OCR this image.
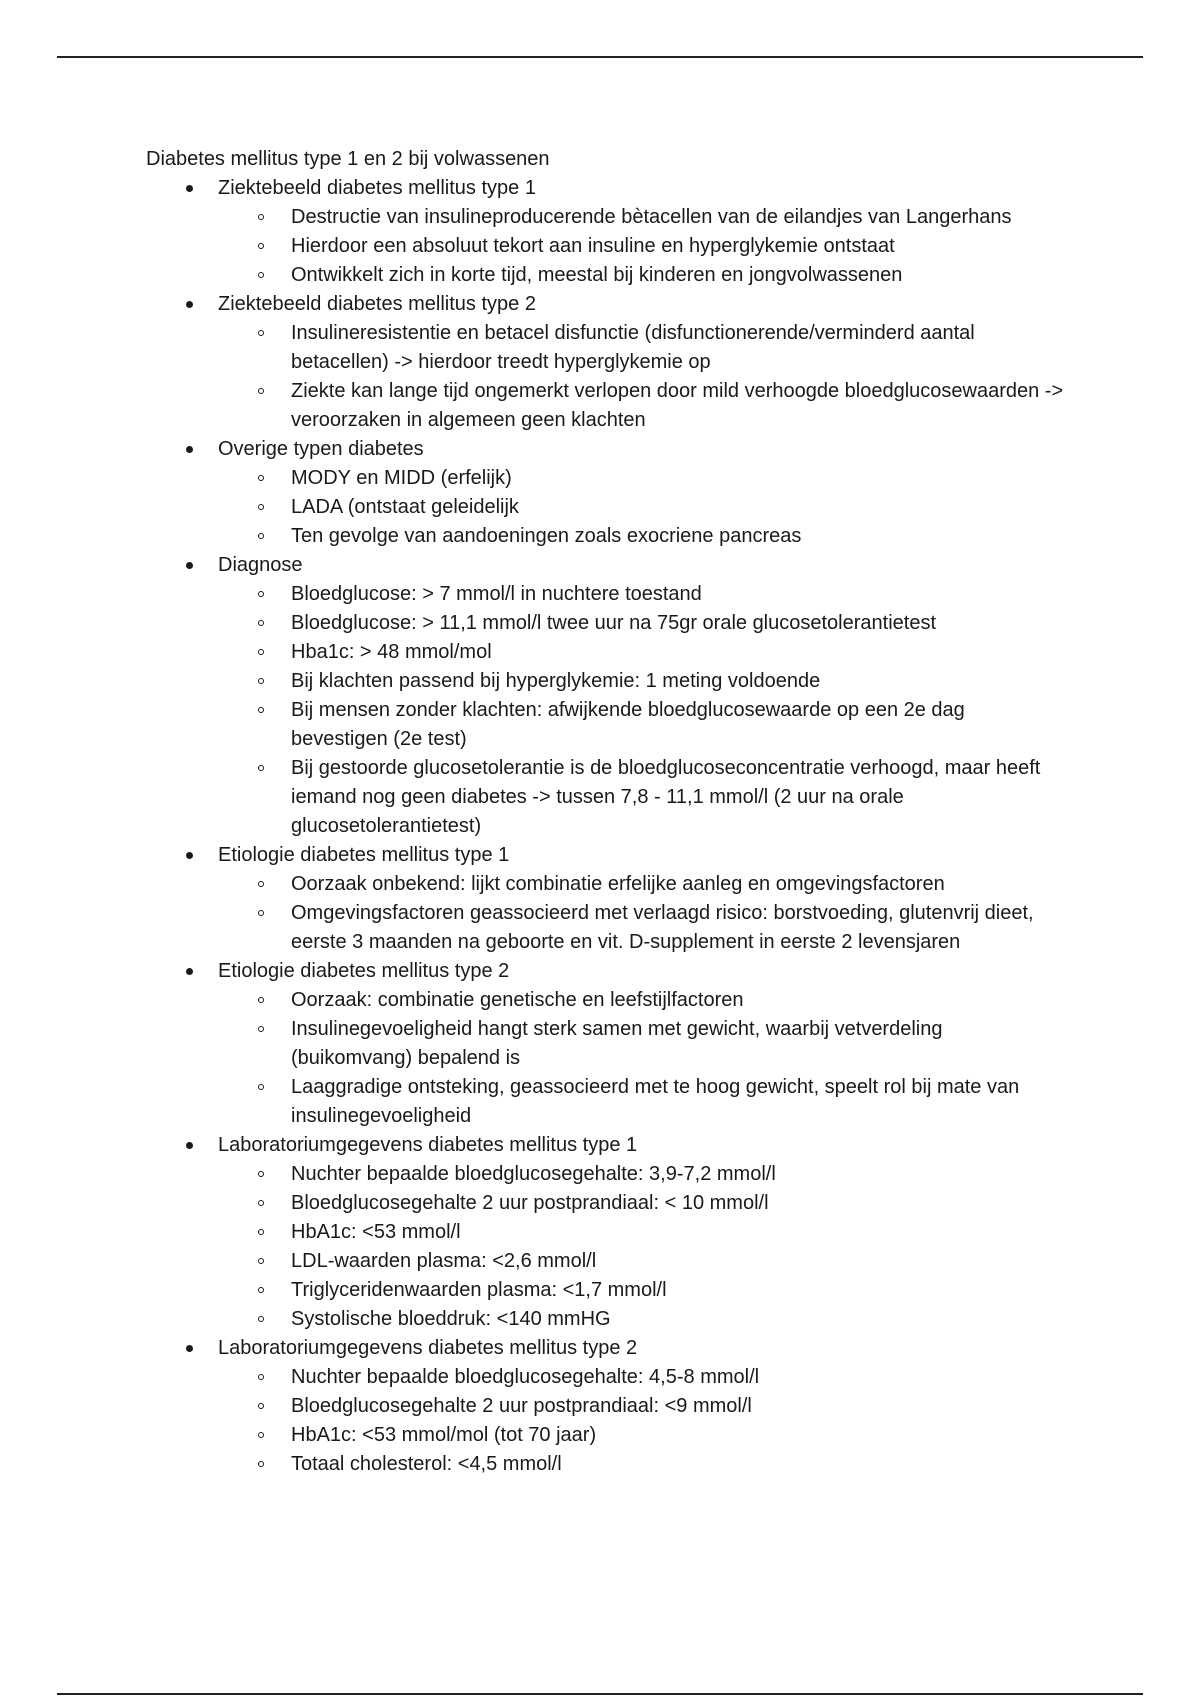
Diabetes mellitus type 1 en 2 bij volwassenen

Ziektebeeld diabetes mellitus type 1
Destructie van insulineproducerende bètacellen van de eilandjes van Langerhans
Hierdoor een absoluut tekort aan insuline en hyperglykemie ontstaat
Ontwikkelt zich in korte tijd, meestal bij kinderen en jongvolwassenen
Ziektebeeld diabetes mellitus type 2
Insulineresistentie en betacel disfunctie (disfunctionerende/verminderd aantal betacellen) -> hierdoor treedt hyperglykemie op
Ziekte kan lange tijd ongemerkt verlopen door mild verhoogde bloedglucosewaarden -> veroorzaken in algemeen geen klachten
Overige typen diabetes
MODY en MIDD (erfelijk)
LADA (ontstaat geleidelijk
Ten gevolge van aandoeningen zoals exocriene pancreas
Diagnose
Bloedglucose: > 7 mmol/l in nuchtere toestand
Bloedglucose: > 11,1 mmol/l twee uur na 75gr orale glucosetolerantietest
Hba1c: > 48 mmol/mol
Bij klachten passend bij hyperglykemie: 1 meting voldoende
Bij mensen zonder klachten: afwijkende bloedglucosewaarde op een 2e dag bevestigen (2e test)
Bij gestoorde glucosetolerantie is de bloedglucoseconcentratie verhoogd, maar heeft iemand nog geen diabetes -> tussen 7,8 - 11,1 mmol/l (2 uur na orale glucosetolerantietest)
Etiologie diabetes mellitus type 1
Oorzaak onbekend: lijkt combinatie erfelijke aanleg en omgevingsfactoren
Omgevingsfactoren geassocieerd met verlaagd risico: borstvoeding, glutenvrij dieet, eerste 3 maanden na geboorte en vit. D-supplement in eerste 2 levensjaren
Etiologie diabetes mellitus type 2
Oorzaak: combinatie genetische en leefstijlfactoren
Insulinegevoeligheid hangt sterk samen met gewicht, waarbij vetverdeling (buikomvang) bepalend is
Laaggradige ontsteking, geassocieerd met te hoog gewicht, speelt rol bij mate van insulinegevoeligheid
Laboratoriumgegevens diabetes mellitus type 1
Nuchter bepaalde bloedglucosegehalte: 3,9-7,2 mmol/l
Bloedglucosegehalte 2 uur postprandiaal: < 10 mmol/l
HbA1c: <53 mmol/l
LDL-waarden plasma: <2,6 mmol/l
Triglyceridenwaarden plasma: <1,7 mmol/l
Systolische bloeddruk: <140 mmHG
Laboratoriumgegevens diabetes mellitus type 2
Nuchter bepaalde bloedglucosegehalte: 4,5-8 mmol/l
Bloedglucosegehalte 2 uur postprandiaal: <9 mmol/l
HbA1c: <53 mmol/mol (tot 70 jaar)
Totaal cholesterol: <4,5 mmol/l
